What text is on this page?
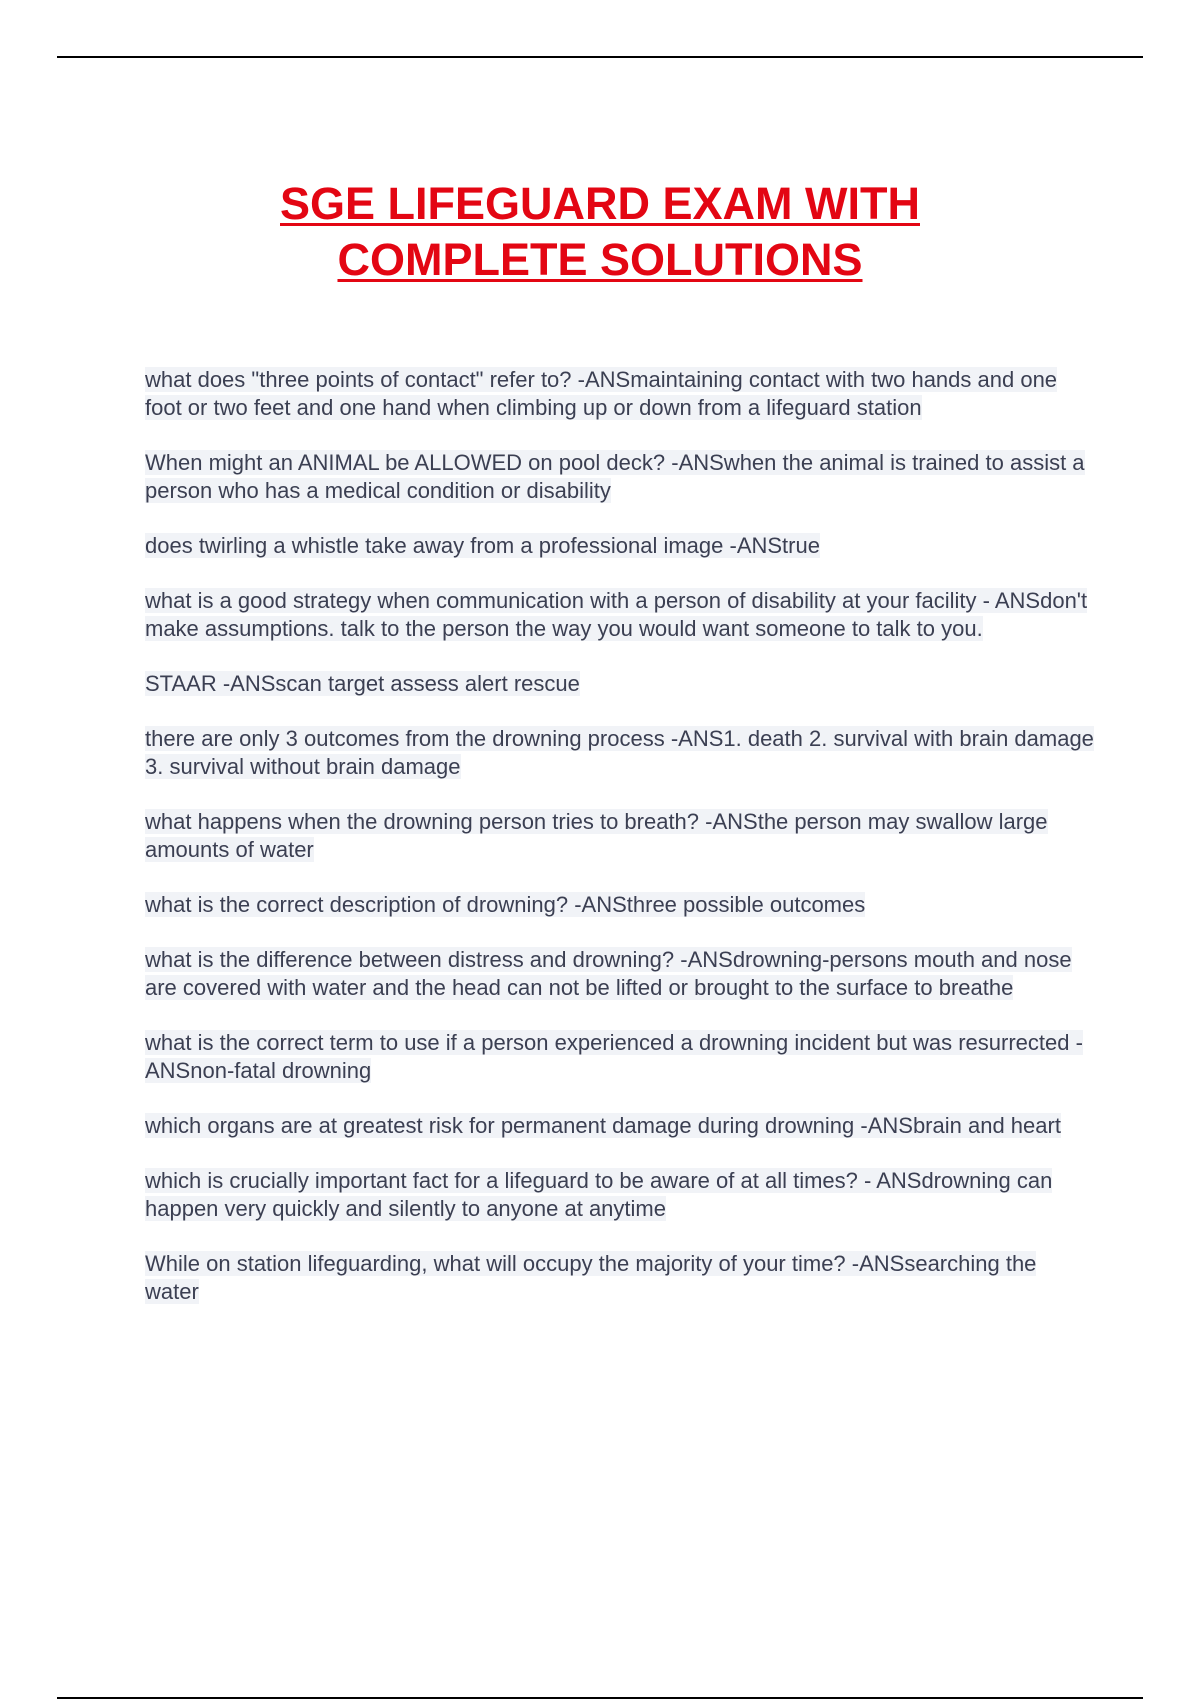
SGE LIFEGUARD EXAM WITH
COMPLETE SOLUTIONS
what does "three points of contact" refer to? -ANSmaintaining contact with two hands and one foot or two feet and one hand when climbing up or down from a lifeguard station
When might an ANIMAL be ALLOWED on pool deck? -ANSwhen the animal is trained to assist a person who has a medical condition or disability
does twirling a whistle take away from a professional image -ANStrue
what is a good strategy when communication with a person of disability at your facility - ANSdon't make assumptions. talk to the person the way you would want someone to talk to you.
STAAR -ANSscan target assess alert rescue
there are only 3 outcomes from the drowning process -ANS1. death 2. survival with brain damage 3. survival without brain damage
what happens when the drowning person tries to breath? -ANSthe person may swallow large amounts of water
what is the correct description of drowning? -ANSthree possible outcomes
what is the difference between distress and drowning? -ANSdrowning-persons mouth and nose are covered with water and the head can not be lifted or brought to the surface to breathe
what is the correct term to use if a person experienced a drowning incident but was resurrected -ANSnon-fatal drowning
which organs are at greatest risk for permanent damage during drowning -ANSbrain and heart
which is crucially important fact for a lifeguard to be aware of at all times? - ANSdrowning can happen very quickly and silently to anyone at anytime
While on station lifeguarding, what will occupy the majority of your time? -ANSsearching the water
